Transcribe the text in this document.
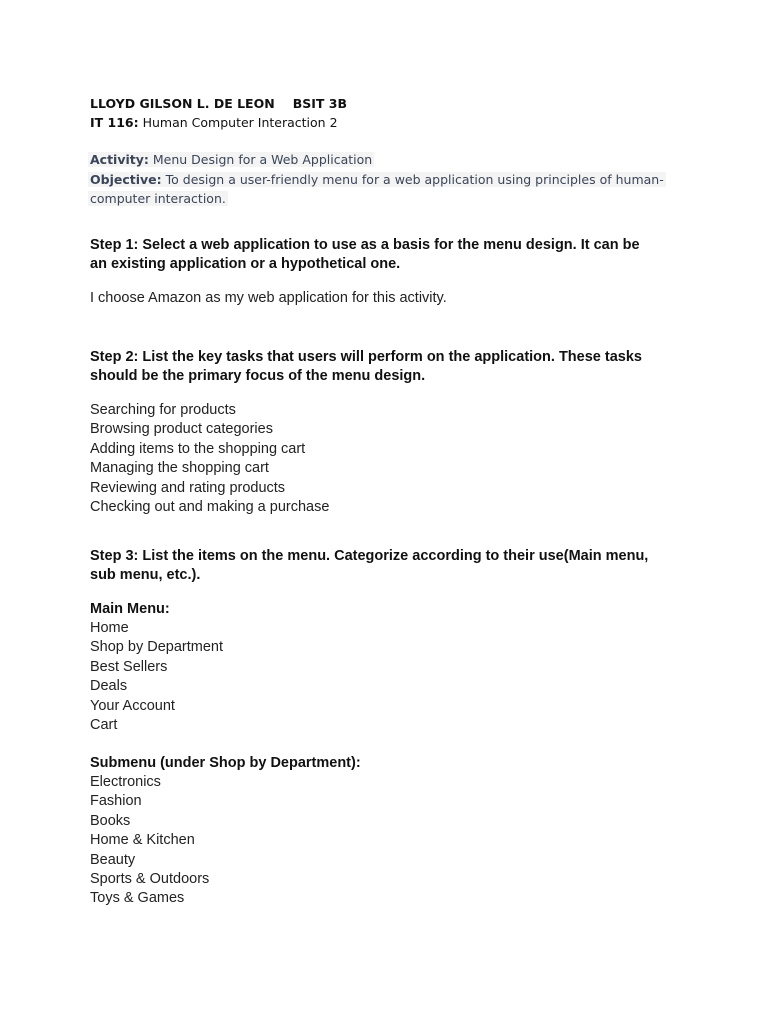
LLOYD GILSON L. DE LEON BSIT 3B
IT 116: Human Computer Interaction 2
Activity: Menu Design for a Web Application
Objective: To design a user-friendly menu for a web application using principles of human-
computer interaction.
Step 1: Select a web application to use as a basis for the menu design. It can be
an existing application or a hypothetical one.
I choose Amazon as my web application for this activity.
Step 2: List the key tasks that users will perform on the application. These tasks
should be the primary focus of the menu design.
Searching for products
Browsing product categories
Adding items to the shopping cart
Managing the shopping cart
Reviewing and rating products
Checking out and making a purchase
Step 3: List the items on the menu. Categorize according to their use(Main menu,
sub menu, etc.).
Main Menu:
Home
Shop by Department
Best Sellers
Deals
Your Account
Cart
Submenu (under Shop by Department):
Electronics
Fashion
Books
Home & Kitchen
Beauty
Sports & Outdoors
Toys & Games
